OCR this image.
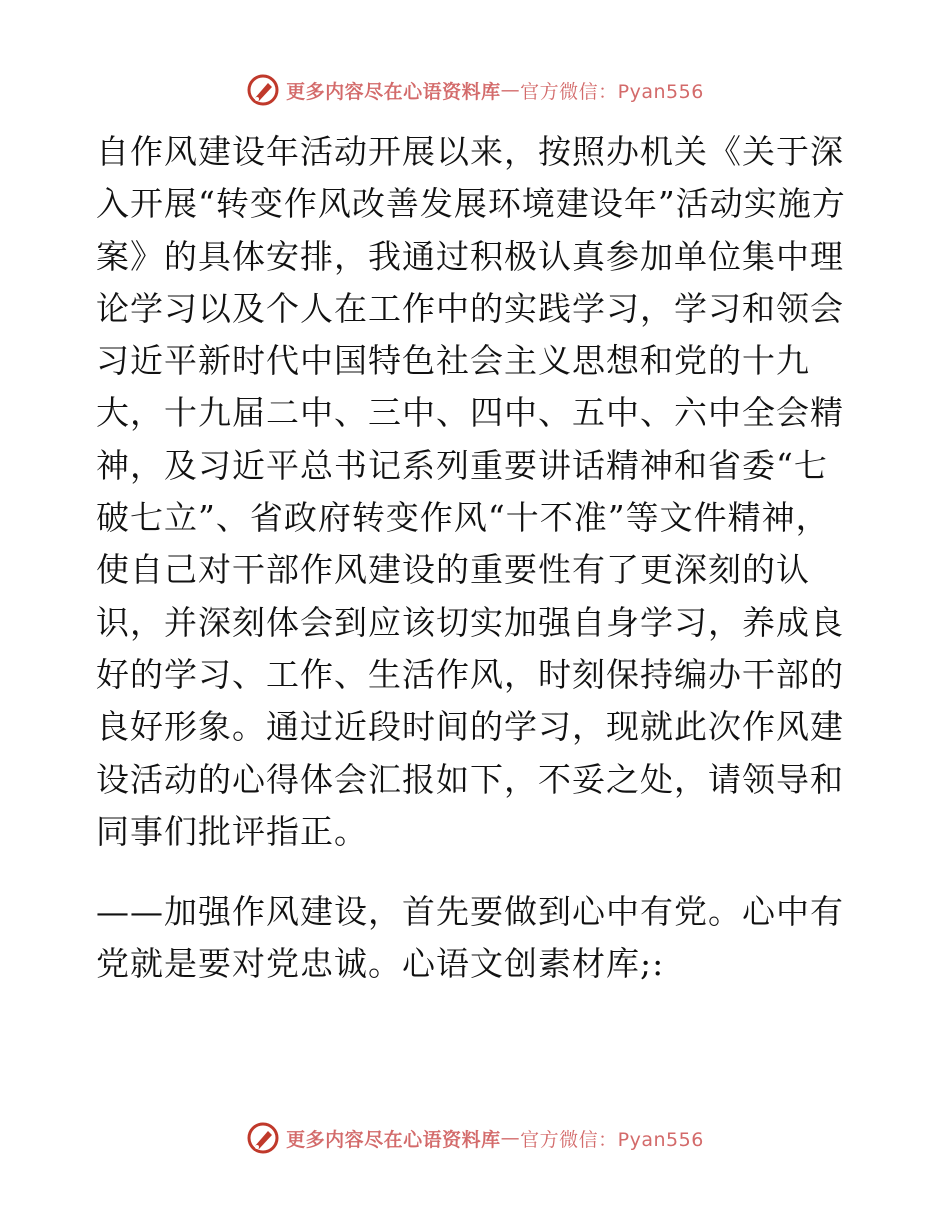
更多内容尽在心语资料库 — 官方微信：Pyan556

自作风建设年活动开展以来，按照办机关《关于深入开展“转变作风改善发展环境建设年”活动实施方案》的具体安排，我通过积极认真参加单位集中理论学习以及个人在工作中的实践学习，学习和领会习近平新时代中国特色社会主义思想和党的十九大，十九届二中、三中、四中、五中、六中全会精神，及习近平总书记系列重要讲话精神和省委“七破七立”、省政府转变作风“十不准”等文件精神，使自己对干部作风建设的重要性有了更深刻的认识，并深刻体会到应该切实加强自身学习，养成良好的学习、工作、生活作风，时刻保持编办干部的良好形象。通过近段时间的学习，现就此次作风建设活动的心得体会汇报如下，不妥之处，请领导和同事们批评指正。

——加强作风建设，首先要做到心中有党。心中有党就是要对党忠诚。心语文创素材库;:

更多内容尽在心语资料库 — 官方微信：Pyan556
